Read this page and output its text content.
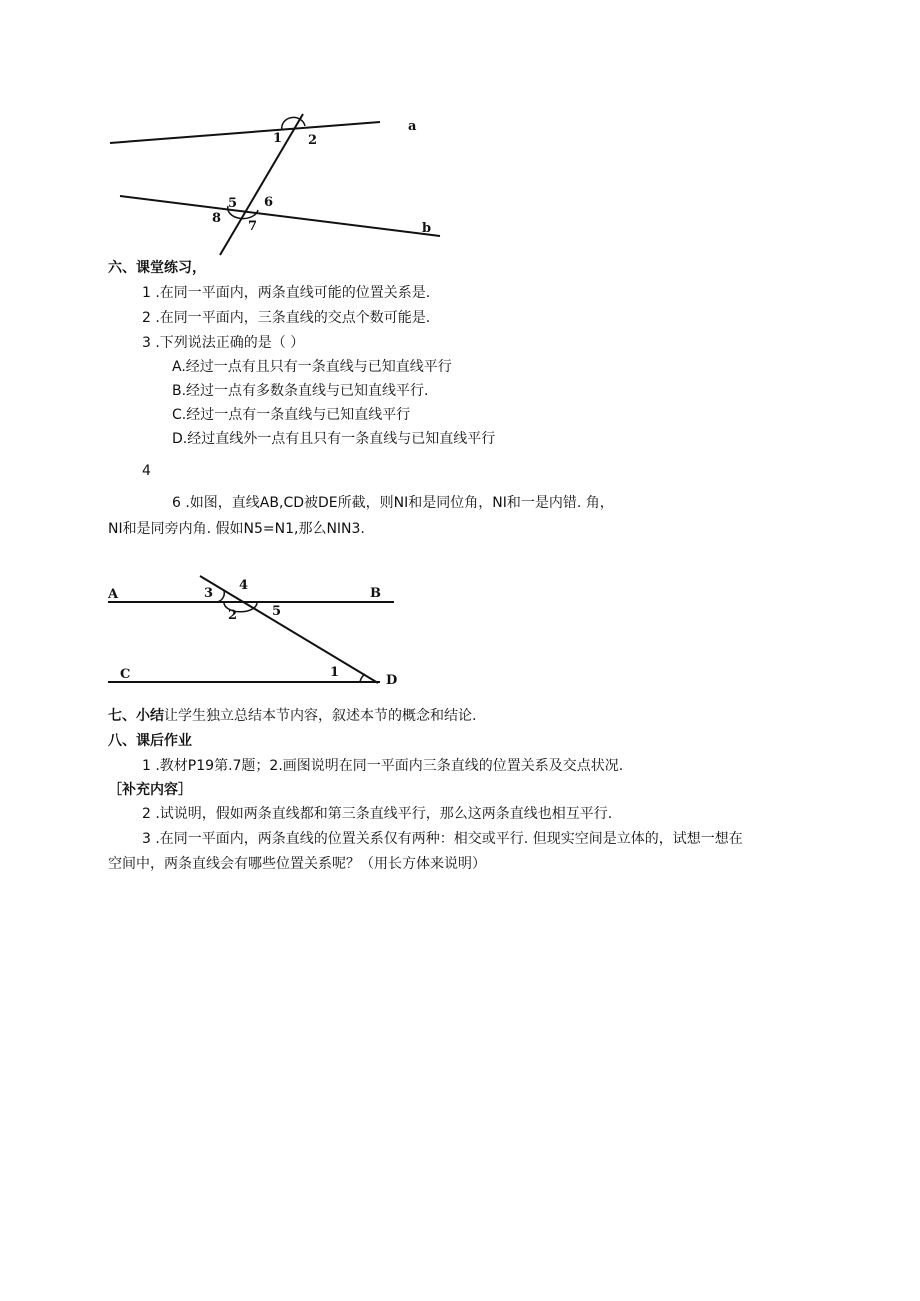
1 2
a
5 6
8
7	b
六、课堂练习，
1 .在同一平面内，两条直线可能的位置关系是.
2 .在同一平面内，三条直线的交点个数可能是.
3 .下列说法正确的是（ ）
A.经过一点有且只有一条直线与已知直线平行
B.经过一点有多数条直线与已知直线平行.
C.经过一点有一条直线与已知直线平行
D.经过直线外一点有且只有一条直线与已知直线平行
4
6 .如图，直线AB,CD被DE所截，则NI和是同位角，NI和一是内错. 角，
NI和是同旁内角. 假如N5=N1,那么NIN3.
A	B
C	D
1
2
3
4
5
七、小结让学生独立总结本节内容，叙述本节的概念和结论.
八、课后作业
1 .教材P19第.7题；2.画图说明在同一平面内三条直线的位置关系及交点状况.
［补充内容］
2 .试说明，假如两条直线都和第三条直线平行，那么这两条直线也相互平行.
3 .在同一平面内，两条直线的位置关系仅有两种：相交或平行. 但现实空间是立体的，试想一想在
空间中，两条直线会有哪些位置关系呢？（用长方体来说明）
